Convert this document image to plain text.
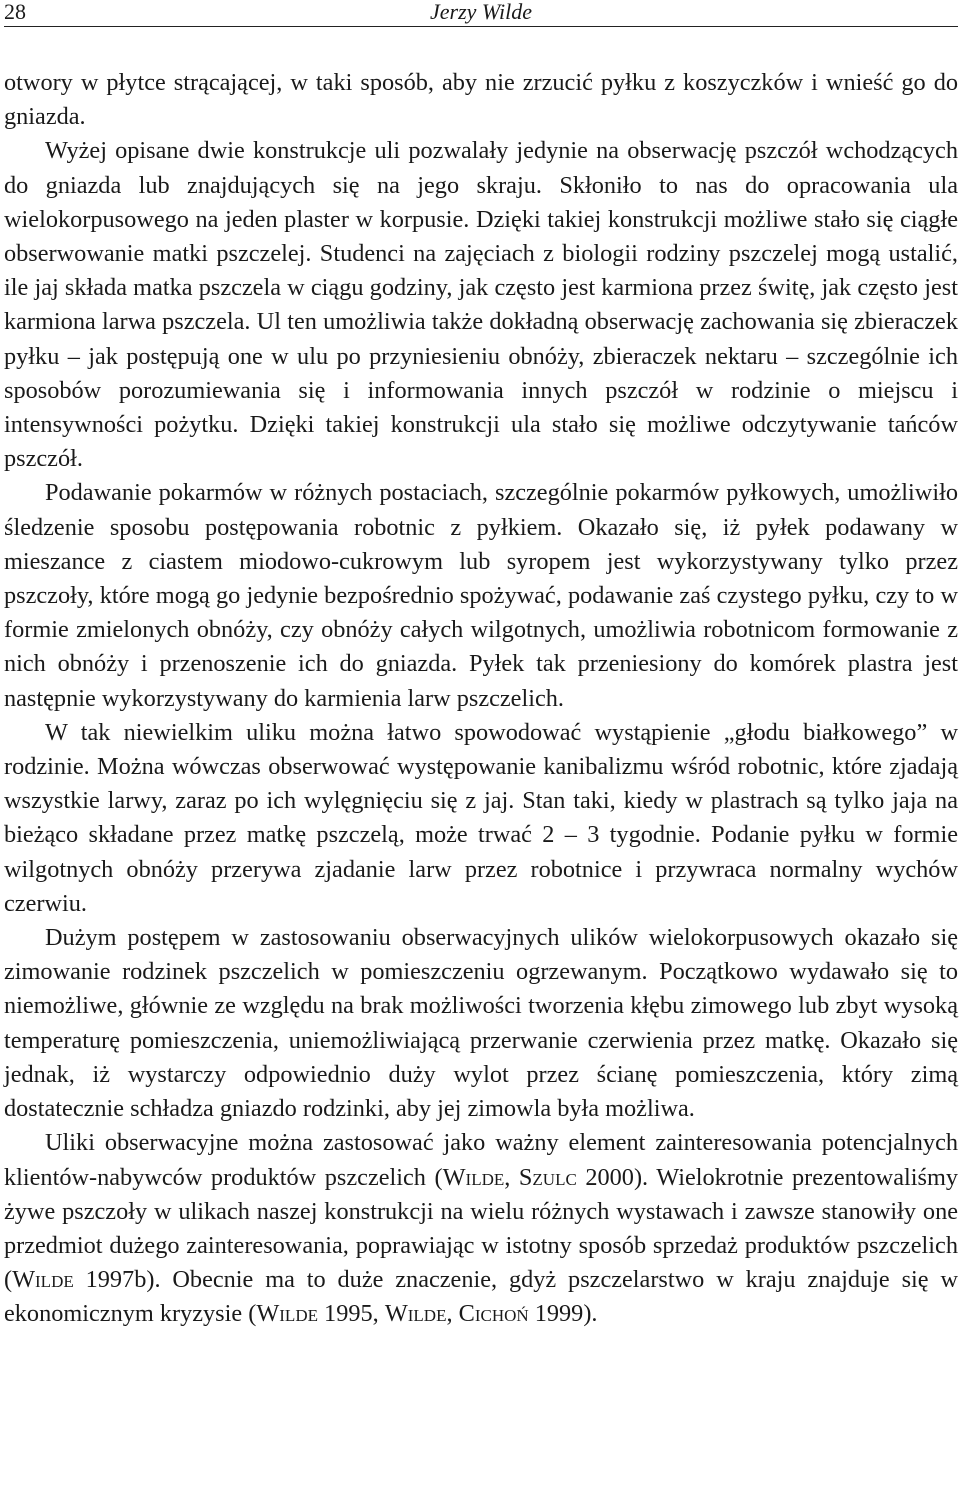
28	Jerzy Wilde

otwory w płytce strącającej, w taki sposób, aby nie zrzucić pyłku z koszyczków i wnieść go do gniazda.

Wyżej opisane dwie konstrukcje uli pozwalały jedynie na obserwację pszczół wchodzących do gniazda lub znajdujących się na jego skraju. Skłoniło to nas do opracowania ula wielokorpusowego na jeden plaster w korpusie. Dzięki takiej konstrukcji możliwe stało się ciągłe obserwowanie matki pszczelej. Studenci na zajęciach z biologii rodziny pszczelej mogą ustalić, ile jaj składa matka pszczela w ciągu godziny, jak często jest karmiona przez świtę, jak często jest karmiona larwa pszczela. Ul ten umożliwia także dokładną obserwację zachowania się zbieraczek pyłku – jak postępują one w ulu po przyniesieniu obnóży, zbieraczek nektaru – szczególnie ich sposobów porozumiewania się i informowania innych pszczół w rodzinie o miejscu i intensywności pożytku. Dzięki takiej konstrukcji ula stało się możliwe odczytywanie tańców pszczół.

Podawanie pokarmów w różnych postaciach, szczególnie pokarmów pyłkowych, umożliwiło śledzenie sposobu postępowania robotnic z pyłkiem. Okazało się, iż pyłek podawany w mieszance z ciastem miodowo-cukrowym lub syropem jest wykorzystywany tylko przez pszczoły, które mogą go jedynie bezpośrednio spożywać, podawanie zaś czystego pyłku, czy to w formie zmielonych obnóży, czy obnóży całych wilgotnych, umożliwia robotnicom formowanie z nich obnóży i przenoszenie ich do gniazda. Pyłek tak przeniesiony do komórek plastra jest następnie wykorzystywany do karmienia larw pszczelich.

W tak niewielkim uliku można łatwo spowodować wystąpienie „głodu białkowego” w rodzinie. Można wówczas obserwować występowanie kanibalizmu wśród robotnic, które zjadają wszystkie larwy, zaraz po ich wylęgnięciu się z jaj. Stan taki, kiedy w plastrach są tylko jaja na bieżąco składane przez matkę pszczelą, może trwać 2 – 3 tygodnie. Podanie pyłku w formie wilgotnych obnóży przerywa zjadanie larw przez robotnice i przywraca normalny wychów czerwiu.

Dużym postępem w zastosowaniu obserwacyjnych ulików wielokorpusowych okazało się zimowanie rodzinek pszczelich w pomieszczeniu ogrzewanym. Początkowo wydawało się to niemożliwe, głównie ze względu na brak możliwości tworzenia kłębu zimowego lub zbyt wysoką temperaturę pomieszczenia, uniemożliwiającą przerwanie czerwienia przez matkę. Okazało się jednak, iż wystarczy odpowiednio duży wylot przez ścianę pomieszczenia, który zimą dostatecznie schładza gniazdo rodzinki, aby jej zimowla była możliwa.

Uliki obserwacyjne można zastosować jako ważny element zainteresowania potencjalnych klientów-nabywców produktów pszczelich (Wilde, Szulc 2000). Wielokrotnie prezentowaliśmy żywe pszczoły w ulikach naszej konstrukcji na wielu różnych wystawach i zawsze stanowiły one przedmiot dużego zainteresowania, poprawiając w istotny sposób sprzedaż produktów pszczelich (Wilde 1997b). Obecnie ma to duże znaczenie, gdyż pszczelarstwo w kraju znajduje się w ekonomicznym kryzysie (Wilde 1995, Wilde, Cichoń 1999).
